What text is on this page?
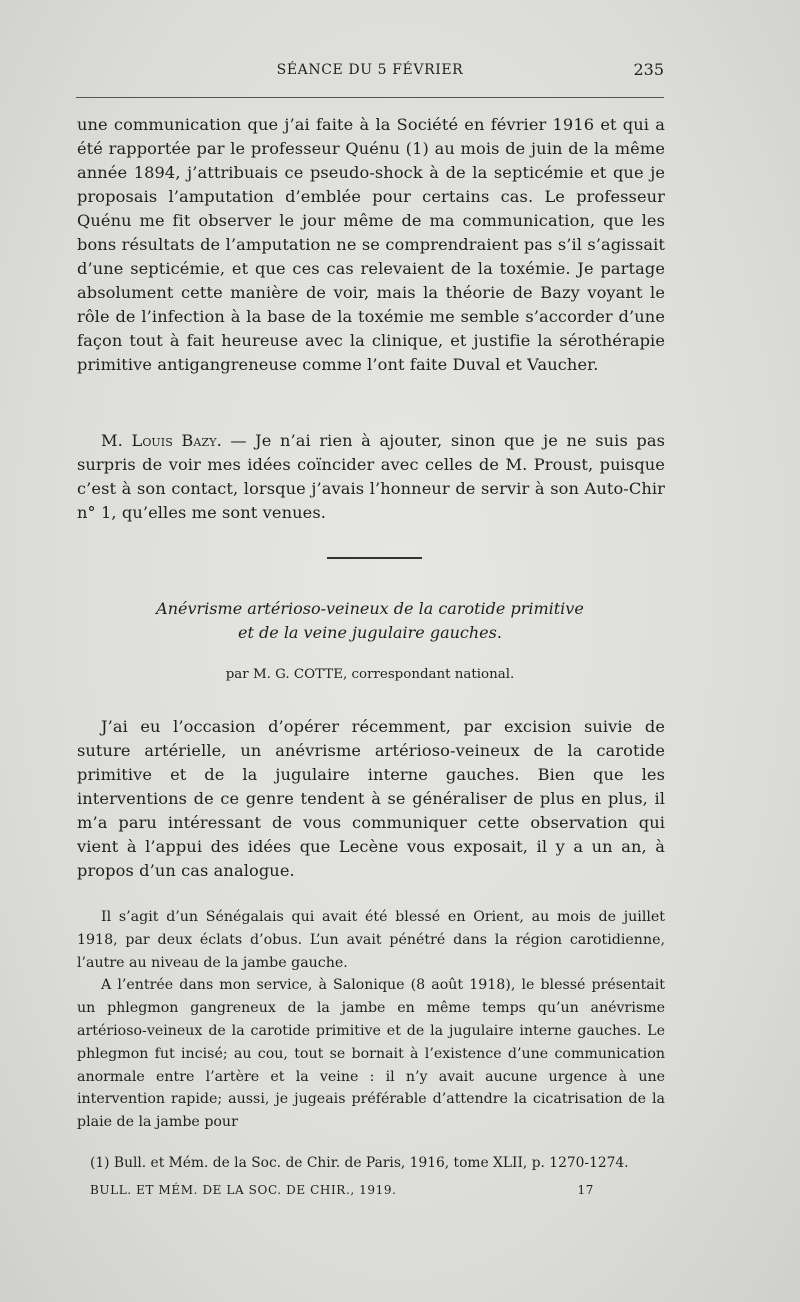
SÉANCE DU 5 FÉVRIER	235

une communication que j’ai faite à la Société en février 1916 et qui a été rapportée par le professeur Quénu (1) au mois de juin de la même année 1894, j’attribuais ce pseudo-shock à de la septicémie et que je proposais l’amputation d’emblée pour certains cas. Le professeur Quénu me fit observer le jour même de ma communication, que les bons résultats de l’amputation ne se comprendraient pas s’il s’agissait d’une septicémie, et que ces cas relevaient de la toxémie. Je partage absolument cette manière de voir, mais la théorie de Bazy voyant le rôle de l’infection à la base de la toxémie me semble s’accorder d’une façon tout à fait heureuse avec la clinique, et justifie la sérothérapie primitive antigangreneuse comme l’ont faite Duval et Vaucher.

M. Louis Bazy. — Je n’ai rien à ajouter, sinon que je ne suis pas surpris de voir mes idées coïncider avec celles de M. Proust, puisque c’est à son contact, lorsque j’avais l’honneur de servir à son Auto-Chir n° 1, qu’elles me sont venues.

Anévrisme artérioso-veineux de la carotide primitive
et de la veine jugulaire gauches.
par M. G. COTTE, correspondant national.

J’ai eu l’occasion d’opérer récemment, par excision suivie de suture artérielle, un anévrisme artérioso-veineux de la carotide primitive et de la jugulaire interne gauches. Bien que les interventions de ce genre tendent à se généraliser de plus en plus, il m’a paru intéressant de vous communiquer cette observation qui vient à l’appui des idées que Lecène vous exposait, il y a un an, à propos d’un cas analogue.

Il s’agit d’un Sénégalais qui avait été blessé en Orient, au mois de juillet 1918, par deux éclats d’obus. L’un avait pénétré dans la région carotidienne, l’autre au niveau de la jambe gauche.

A l’entrée dans mon service, à Salonique (8 août 1918), le blessé présentait un phlegmon gangreneux de la jambe en même temps qu’un anévrisme artérioso-veineux de la carotide primitive et de la jugulaire interne gauches. Le phlegmon fut incisé; au cou, tout se bornait à l’existence d’une communication anormale entre l’artère et la veine : il n’y avait aucune urgence à une intervention rapide; aussi, je jugeais préférable d’attendre la cicatrisation de la plaie de la jambe pour

(1) Bull. et Mém. de la Soc. de Chir. de Paris, 1916, tome XLII, p. 1270-1274.
BULL. ET MÉM. DE LA SOC. DE CHIR., 1919.	17
